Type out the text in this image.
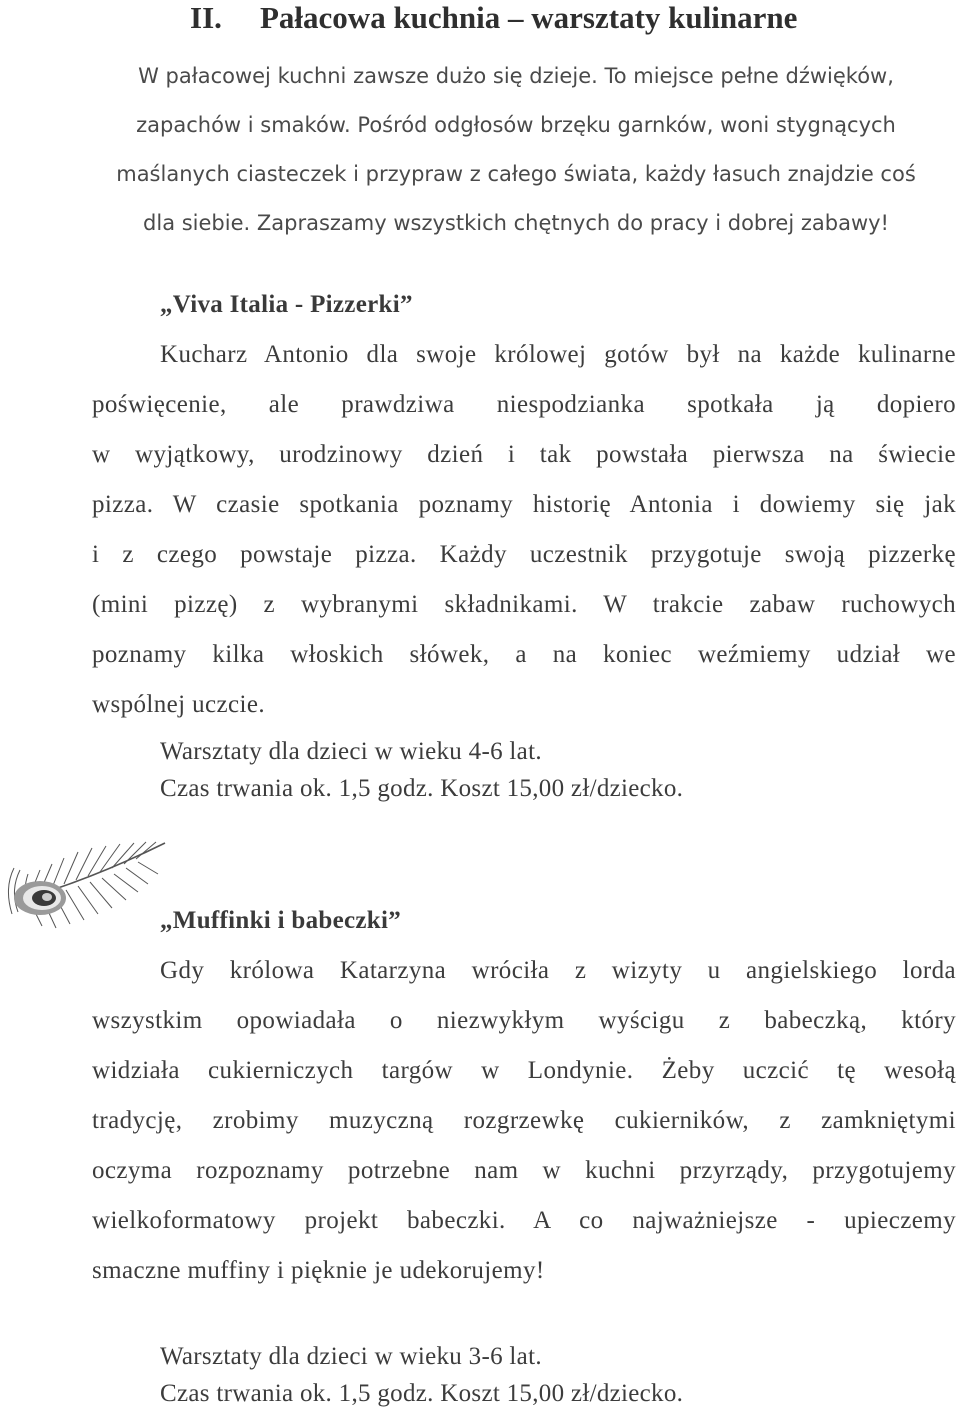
II. Pałacowa kuchnia – warsztaty kulinarne
W pałacowej kuchni zawsze dużo się dzieje. To miejsce pełne dźwięków,
zapachów i smaków. Pośród odgłosów brzęku garnków, woni stygnących
maślanych ciasteczek i przypraw z całego świata, każdy łasuch znajdzie coś
dla siebie. Zapraszamy wszystkich chętnych do pracy i dobrej zabawy!
„Viva Italia - Pizzerki”
Kucharz Antonio dla swoje królowej gotów był na każde kulinarne
poświęcenie, ale prawdziwa niespodzianka spotkała ją dopiero
w wyjątkowy, urodzinowy dzień i tak powstała pierwsza na świecie
pizza. W czasie spotkania poznamy historię Antonia i dowiemy się jak
i z czego powstaje pizza. Każdy uczestnik przygotuje swoją pizzerkę
(mini pizzę) z wybranymi składnikami. W trakcie zabaw ruchowych
poznamy kilka włoskich słówek, a na koniec weźmiemy udział we
wspólnej uczcie.
Warsztaty dla dzieci w wieku 4-6 lat.
Czas trwania ok. 1,5 godz. Koszt 15,00 zł/dziecko.
„Muffinki i babeczki”
Gdy królowa Katarzyna wróciła z wizyty u angielskiego lorda
wszystkim opowiadała o niezwykłym wyścigu z babeczką, który
widziała cukierniczych targów w Londynie. Żeby uczcić tę wesołą
tradycję, zrobimy muzyczną rozgrzewkę cukierników, z zamkniętymi
oczyma rozpoznamy potrzebne nam w kuchni przyrządy, przygotujemy
wielkoformatowy projekt babeczki. A co najważniejsze - upieczemy
smaczne muffiny i pięknie je udekorujemy!
Warsztaty dla dzieci w wieku 3-6 lat.
Czas trwania ok. 1,5 godz. Koszt 15,00 zł/dziecko.
